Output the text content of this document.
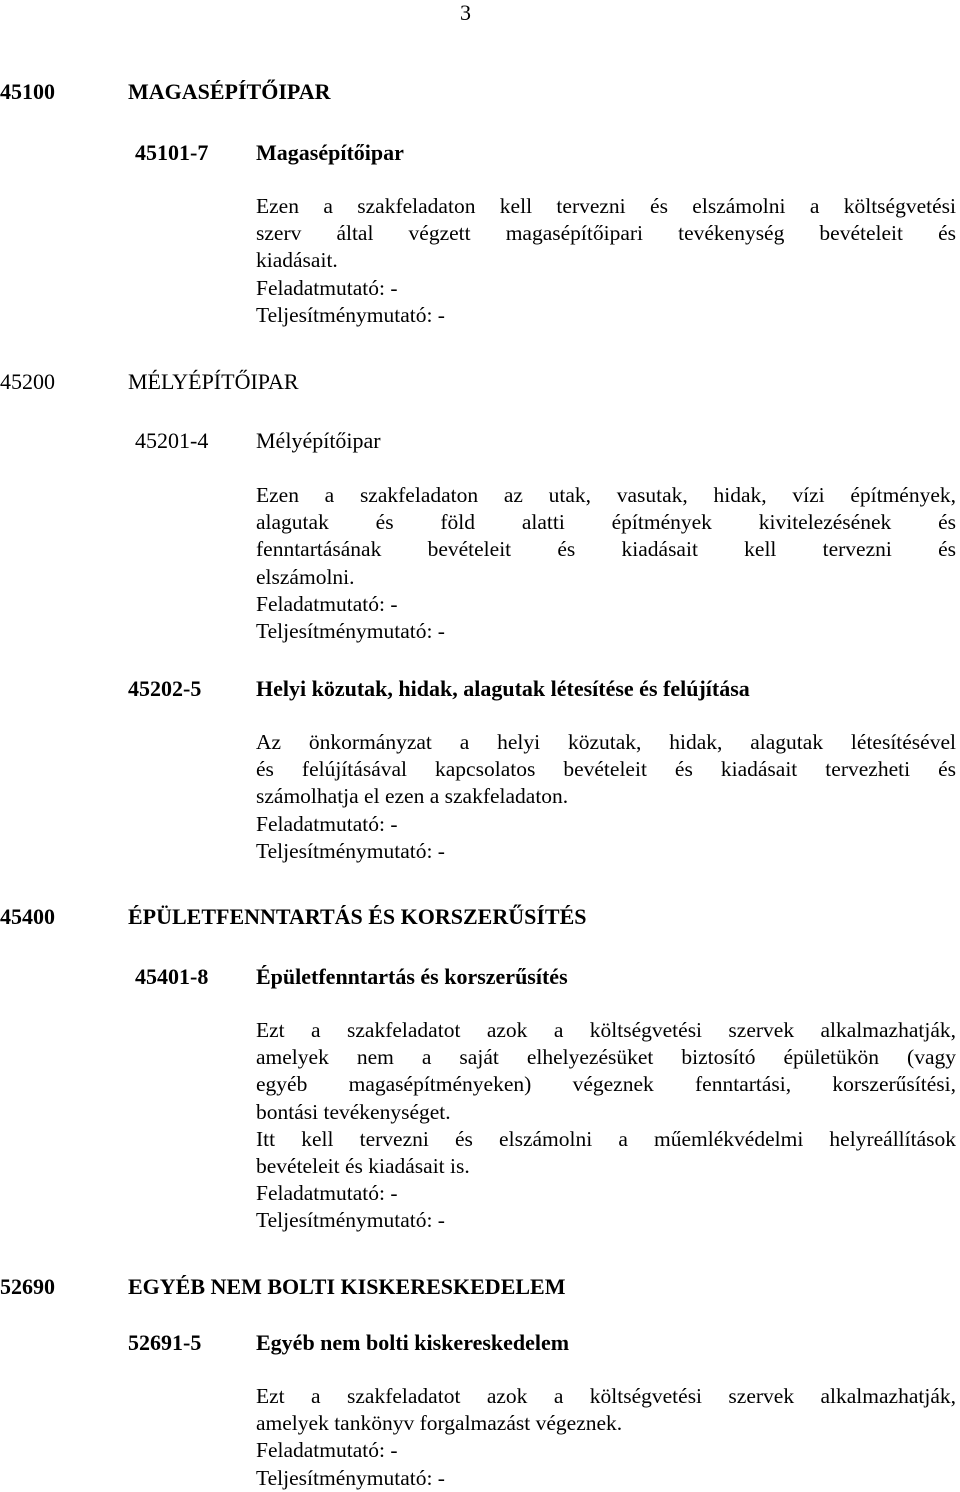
3
45100	MAGASÉPÍTŐIPAR
45101-7 Magasépítőipar
Ezen a szakfeladaton kell tervezni és elszámolni a költségvetési
szerv által végzett magasépítőipari tevékenység bevételeit és
kiadásait.
Feladatmutató: -
Teljesítménymutató: -
45200	MÉLYÉPÍTŐIPAR
45201-4 Mélyépítőipar
Ezen a szakfeladaton az utak, vasutak, hidak, vízi építmények,
alagutak és föld alatti építmények kivitelezésének és
fenntartásának bevételeit és kiadásait kell tervezni és
elszámolni.
Feladatmutató: -
Teljesítménymutató: -
45202-5 Helyi közutak, hidak, alagutak létesítése és felújítása
Az önkormányzat a helyi közutak, hidak, alagutak létesítésével
és felújításával kapcsolatos bevételeit és kiadásait tervezheti és
számolhatja el ezen a szakfeladaton.
Feladatmutató: -
Teljesítménymutató: -
45400	ÉPÜLETFENNTARTÁS ÉS KORSZERŰSÍTÉS
45401-8 Épületfenntartás és korszerűsítés
Ezt a szakfeladatot azok a költségvetési szervek alkalmazhatják,
amelyek nem a saját elhelyezésüket biztosító épületükön (vagy
egyéb magasépítményeken) végeznek fenntartási, korszerűsítési,
bontási tevékenységet.
Itt kell tervezni és elszámolni a műemlékvédelmi helyreállítások
bevételeit és kiadásait is.
Feladatmutató: -
Teljesítménymutató: -
52690	EGYÉB NEM BOLTI KISKERESKEDELEM
52691-5 Egyéb nem bolti kiskereskedelem
Ezt a szakfeladatot azok a költségvetési szervek alkalmazhatják,
amelyek tankönyv forgalmazást végeznek.
Feladatmutató: -
Teljesítménymutató: -
